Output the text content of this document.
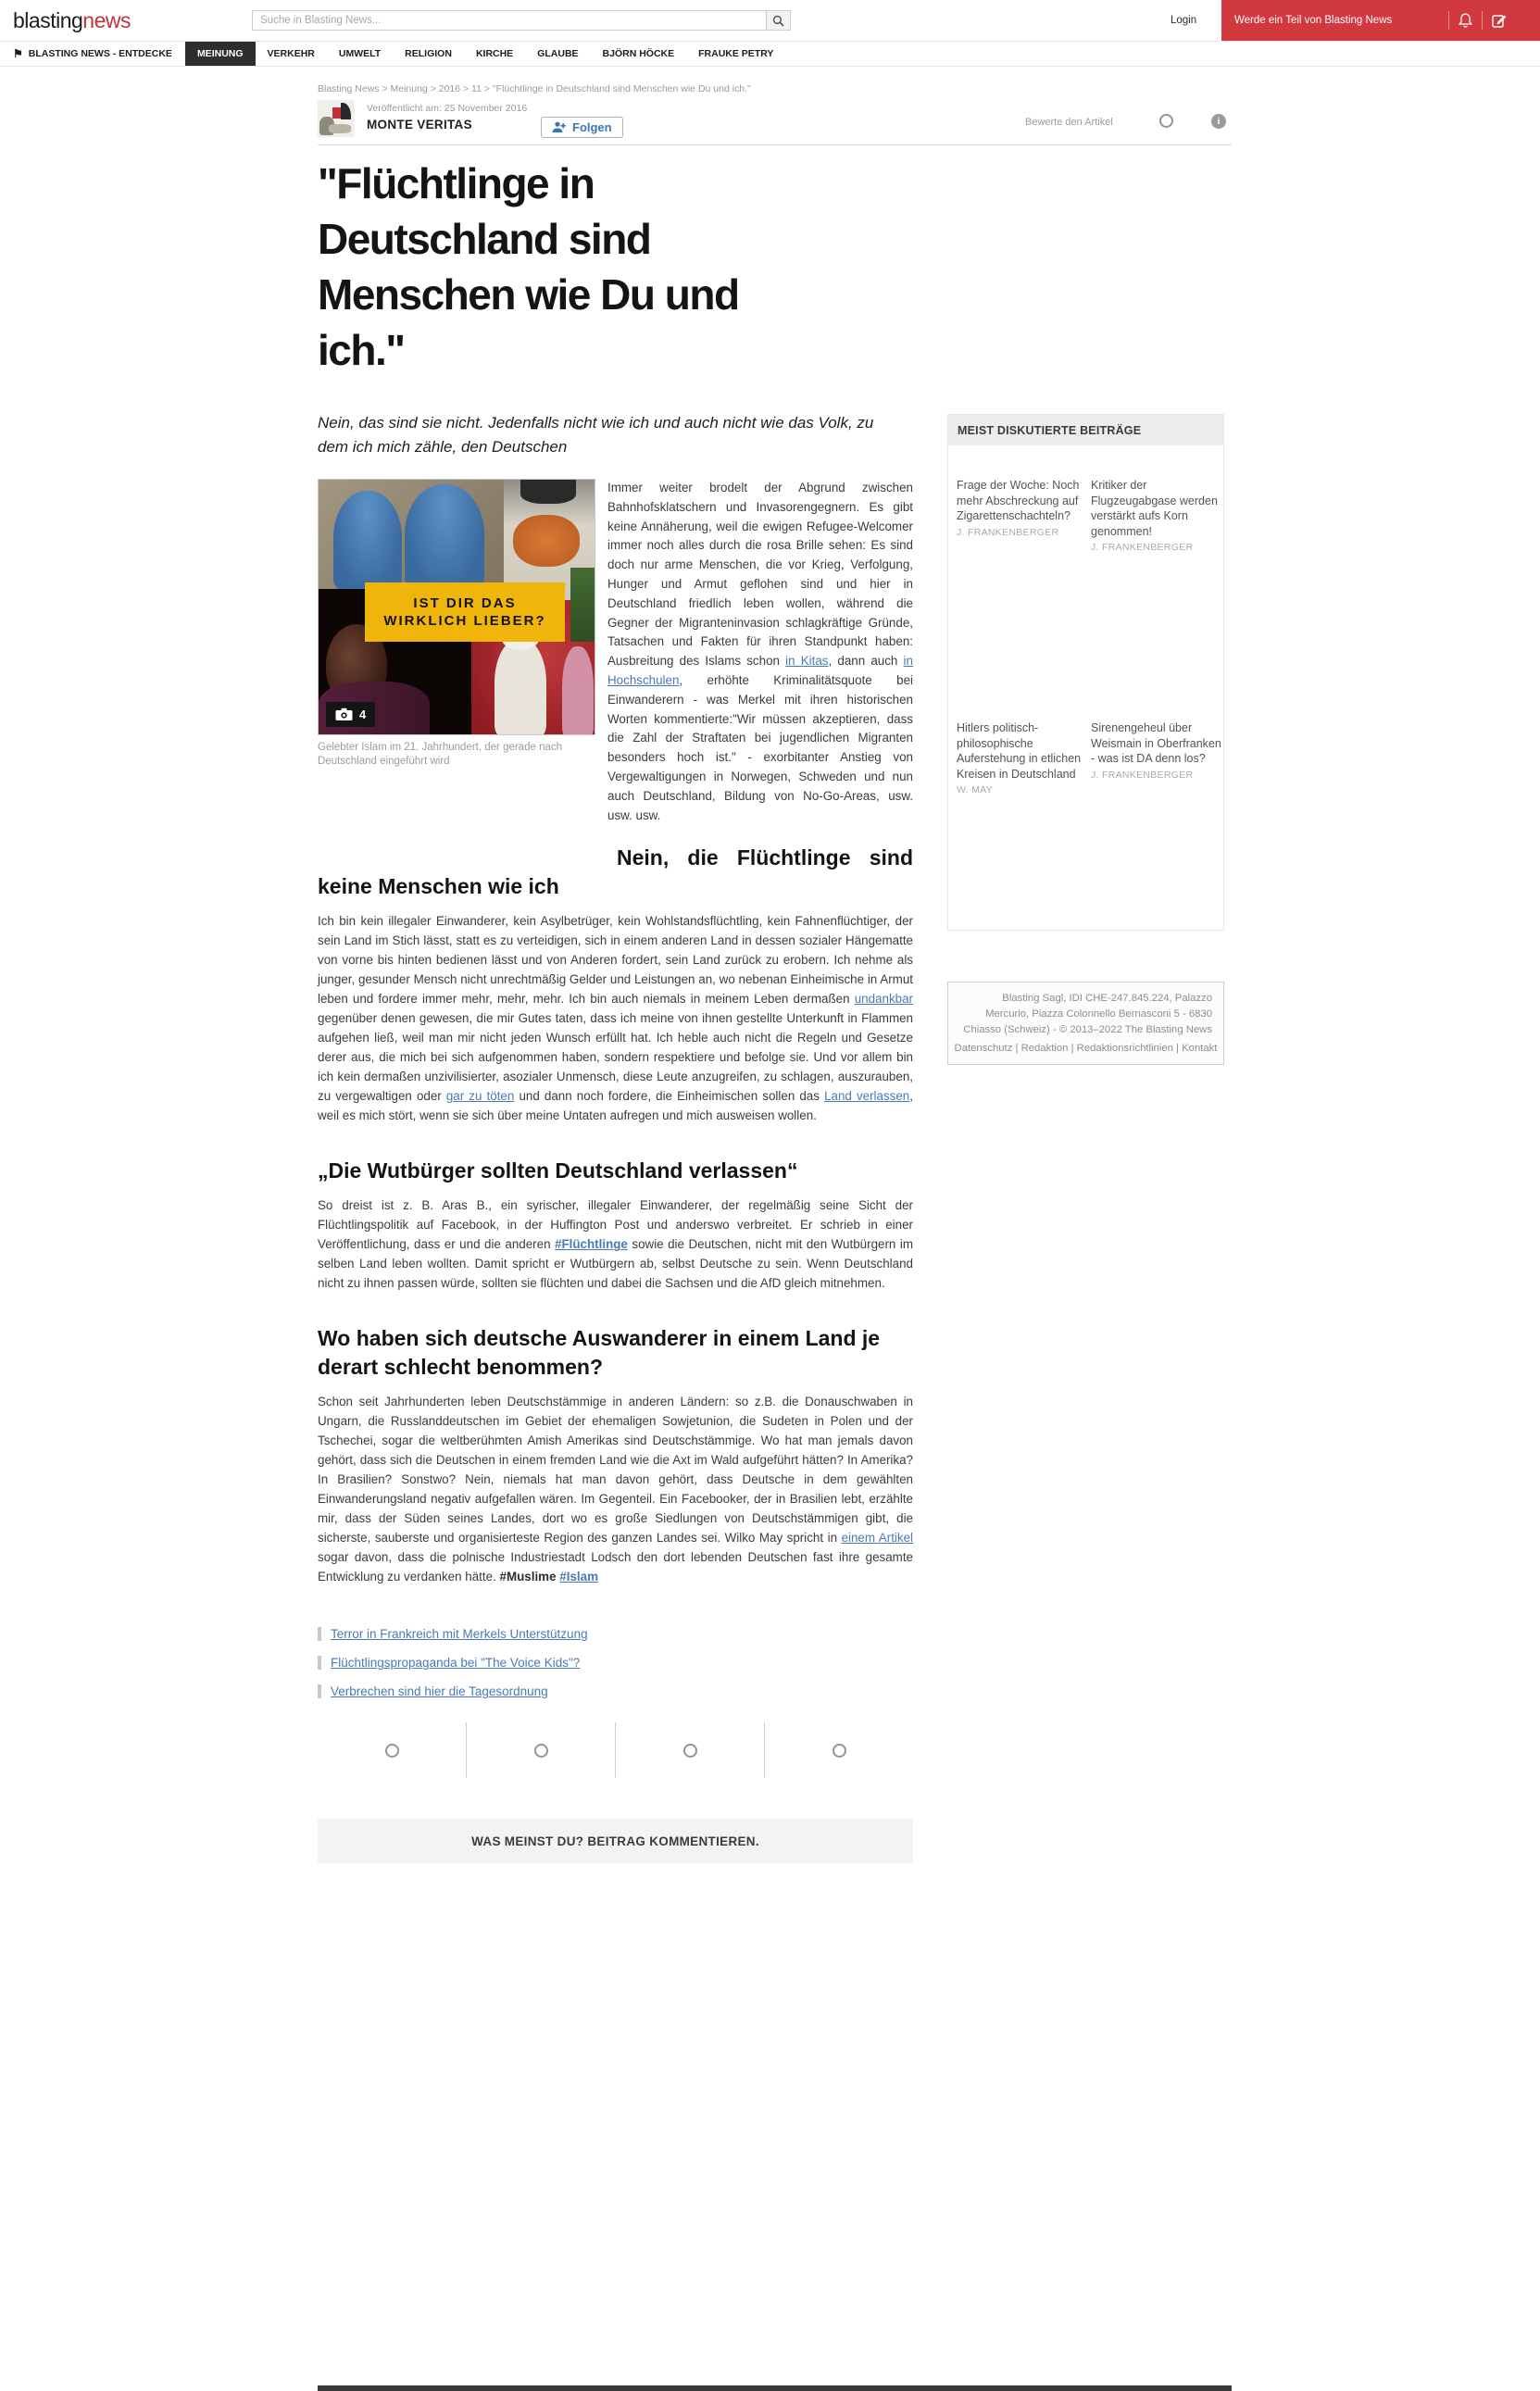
blastingnews
Suche in Blasting News...	Login	Werde ein Teil von Blasting News
⚑ BLASTING NEWS - ENTDECKE	MEINUNG	VERKEHR	UMWELT	RELIGION	KIRCHE	GLAUBE	BJÖRN HÖCKE	FRAUKE PETRY
Blasting News > Meinung > 2016 > 11 > "Flüchtlinge in Deutschland sind Menschen wie Du und ich."
Veröffentlicht am: 25 November 2016
MONTE VERITAS	Folgen	Bewerte den Artikel	i
"Flüchtlinge in Deutschland sind Menschen wie Du und ich."
Nein, das sind sie nicht. Jedenfalls nicht wie ich und auch nicht wie das Volk, zu dem ich mich zähle, den Deutschen
IST DIR DAS
WIRKLICH LIEBER?
4
Gelebter Islam im 21. Jahrhundert, der gerade nach Deutschland eingeführt wird

Immer weiter brodelt der Abgrund zwischen Bahnhofsklatschern und Invasorengegnern. Es gibt keine Annäherung, weil die ewigen Refugee-Welcomer immer noch alles durch die rosa Brille sehen: Es sind doch nur arme Menschen, die vor Krieg, Verfolgung, Hunger und Armut geflohen sind und hier in Deutschland friedlich leben wollen, während die Gegner der Migranteninvasion schlagkräftige Gründe, Tatsachen und Fakten für ihren Standpunkt haben: Ausbreitung des Islams schon in Kitas, dann auch in Hochschulen, erhöhte Kriminalitätsquote bei Einwanderern - was Merkel mit ihren historischen Worten kommentierte:"Wir müssen akzeptieren, dass die Zahl der Straftaten bei jugendlichen Migranten besonders hoch ist." - exorbitanter Anstieg von Vergewaltigungen in Norwegen, Schweden und nun auch Deutschland, Bildung von No-Go-Areas, usw. usw. usw.

Nein, die Flüchtlinge sind keine Menschen wie ich

Ich bin kein illegaler Einwanderer, kein Asylbetrüger, kein Wohlstandsflüchtling, kein Fahnenflüchtiger, der sein Land im Stich lässt, statt es zu verteidigen, sich in einem anderen Land in dessen sozialer Hängematte von vorne bis hinten bedienen lässt und von Anderen fordert, sein Land zurück zu erobern. Ich nehme als junger, gesunder Mensch nicht unrechtmäßig Gelder und Leistungen an, wo nebenan Einheimische in Armut leben und fordere immer mehr, mehr, mehr. Ich bin auch niemals in meinem Leben dermaßen undankbar gegenüber denen gewesen, die mir Gutes taten, dass ich meine von ihnen gestellte Unterkunft in Flammen aufgehen ließ, weil man mir nicht jeden Wunsch erfüllt hat. Ich heble auch nicht die Regeln und Gesetze derer aus, die mich bei sich aufgenommen haben, sondern respektiere und befolge sie. Und vor allem bin ich kein dermaßen unzivilisierter, asozialer Unmensch, diese Leute anzugreifen, zu schlagen, auszurauben, zu vergewaltigen oder gar zu töten und dann noch fordere, die Einheimischen sollen das Land verlassen, weil es mich stört, wenn sie sich über meine Untaten aufregen und mich ausweisen wollen.

„Die Wutbürger sollten Deutschland verlassen“

So dreist ist z. B. Aras B., ein syrischer, illegaler Einwanderer, der regelmäßig seine Sicht der Flüchtlingspolitik auf Facebook, in der Huffington Post und anderswo verbreitet. Er schrieb in einer Veröffentlichung, dass er und die anderen #Flüchtlinge sowie die Deutschen, nicht mit den Wutbürgern im selben Land leben wollten. Damit spricht er Wutbürgern ab, selbst Deutsche zu sein. Wenn Deutschland nicht zu ihnen passen würde, sollten sie flüchten und dabei die Sachsen und die AfD gleich mitnehmen.

Wo haben sich deutsche Auswanderer in einem Land je derart schlecht benommen?

Schon seit Jahrhunderten leben Deutschstämmige in anderen Ländern: so z.B. die Donauschwaben in Ungarn, die Russlanddeutschen im Gebiet der ehemaligen Sowjetunion, die Sudeten in Polen und der Tschechei, sogar die weltberühmten Amish Amerikas sind Deutschstämmige. Wo hat man jemals davon gehört, dass sich die Deutschen in einem fremden Land wie die Axt im Wald aufgeführt hätten? In Amerika? In Brasilien? Sonstwo? Nein, niemals hat man davon gehört, dass Deutsche in dem gewählten Einwanderungsland negativ aufgefallen wären. Im Gegenteil. Ein Facebooker, der in Brasilien lebt, erzählte mir, dass der Süden seines Landes, dort wo es große Siedlungen von Deutschstämmigen gibt, die sicherste, sauberste und organisierteste Region des ganzen Landes sei. Wilko May spricht in einem Artikel sogar davon, dass die polnische Industriestadt Lodsch den dort lebenden Deutschen fast ihre gesamte Entwicklung zu verdanken hätte. #Muslime #Islam

Terror in Frankreich mit Merkels Unterstützung
Flüchtlingspropaganda bei "The Voice Kids"?
Verbrechen sind hier die Tagesordnung
WAS MEINST DU? BEITRAG KOMMENTIEREN.
MEIST DISKUTIERTE BEITRÄGE
Frage der Woche: Noch mehr Abschreckung auf Zigarettenschachteln?
J. FRANKENBERGER
Kritiker der Flugzeugabgase werden verstärkt aufs Korn genommen!
J. FRANKENBERGER
Hitlers politisch-philosophische Auferstehung in etlichen Kreisen in Deutschland
W. MAY
Sirenengeheul über Weismain in Oberfranken - was ist DA denn los?
J. FRANKENBERGER
Blasting Sagl, IDI CHE-247.845.224, Palazzo Mercurio, Piazza Colonnello Bernasconi 5 - 6830 Chiasso (Schweiz) - © 2013–2022 The Blasting News
Datenschutz | Redaktion | Redaktionsrichtlinien | Kontakt
